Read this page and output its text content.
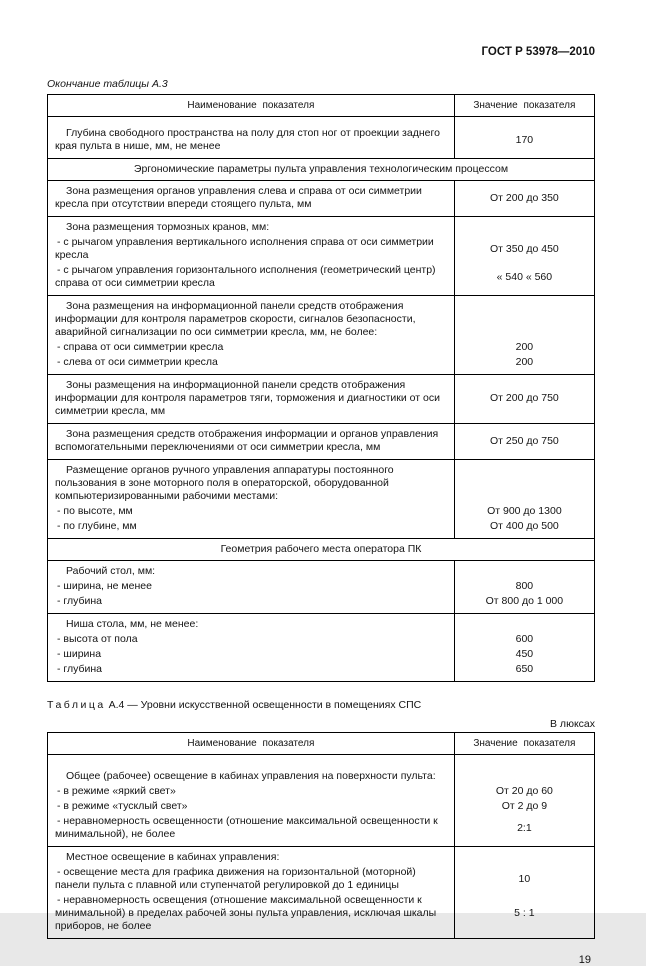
ГОСТ Р 53978—2010
Окончание таблицы А.3
Наименование показателя	Значение показателя
Глубина свободного пространства на полу для стоп ног от проекции заднего края пульта в нише, мм, не менее
170
Эргономические параметры пульта управления технологическим процессом
Зона размещения органов управления слева и справа от оси симметрии кресла при отсутствии впереди стоящего пульта, мм
От 200 до 350
Зона размещения тормозных кранов, мм:
- с рычагом управления вертикального исполнения справа от оси симметрии кресла
От 350 до 450
- с рычагом управления горизонтального исполнения (геометрический центр) справа от оси симметрии кресла
« 540 « 560
Зона размещения на информационной панели средств отображения информации для контроля параметров скорости, сигналов безопасности, аварийной сигнализации по оси симметрии кресла, мм, не более:
- справа от оси симметрии кресла	200
- слева от оси симметрии кресла	200
Зоны размещения на информационной панели средств отображения информации для контроля параметров тяги, торможения и диагностики от оси симметрии кресла, мм
От 200 до 750
Зона размещения средств отображения информации и органов управления вспомогательными переключениями от оси симметрии кресла, мм
От 250 до 750
Размещение органов ручного управления аппаратуры постоянного пользования в зоне моторного поля в операторской, оборудованной компьютеризированными рабочими местами:
- по высоте, мм	От 900 до 1300
- по глубине, мм	От 400 до 500
Геометрия рабочего места оператора ПК
Рабочий стол, мм:
- ширина, не менее	800
- глубина	От 800 до 1 000
Ниша стола, мм, не менее:
- высота от пола	600
- ширина	450
- глубина	650
Таблица А.4 — Уровни искусственной освещенности в помещениях СПС
В люксах
Наименование показателя	Значение показателя
Общее (рабочее) освещение в кабинах управления на поверхности пульта:
- в режиме «яркий свет»	От 20 до 60
- в режиме «тусклый свет»	От 2 до 9
- неравномерность освещенности (отношение максимальной освещенности к минимальной), не более
2:1
Местное освещение в кабинах управления:
- освещение места для графика движения на горизонтальной (моторной) панели пульта с плавной или ступенчатой регулировкой до 1 единицы
10
- неравномерность освещения (отношение максимальной освещенности к минимальной) в пределах рабочей зоны пульта управления, исключая шкалы приборов, не более
5 : 1
19
